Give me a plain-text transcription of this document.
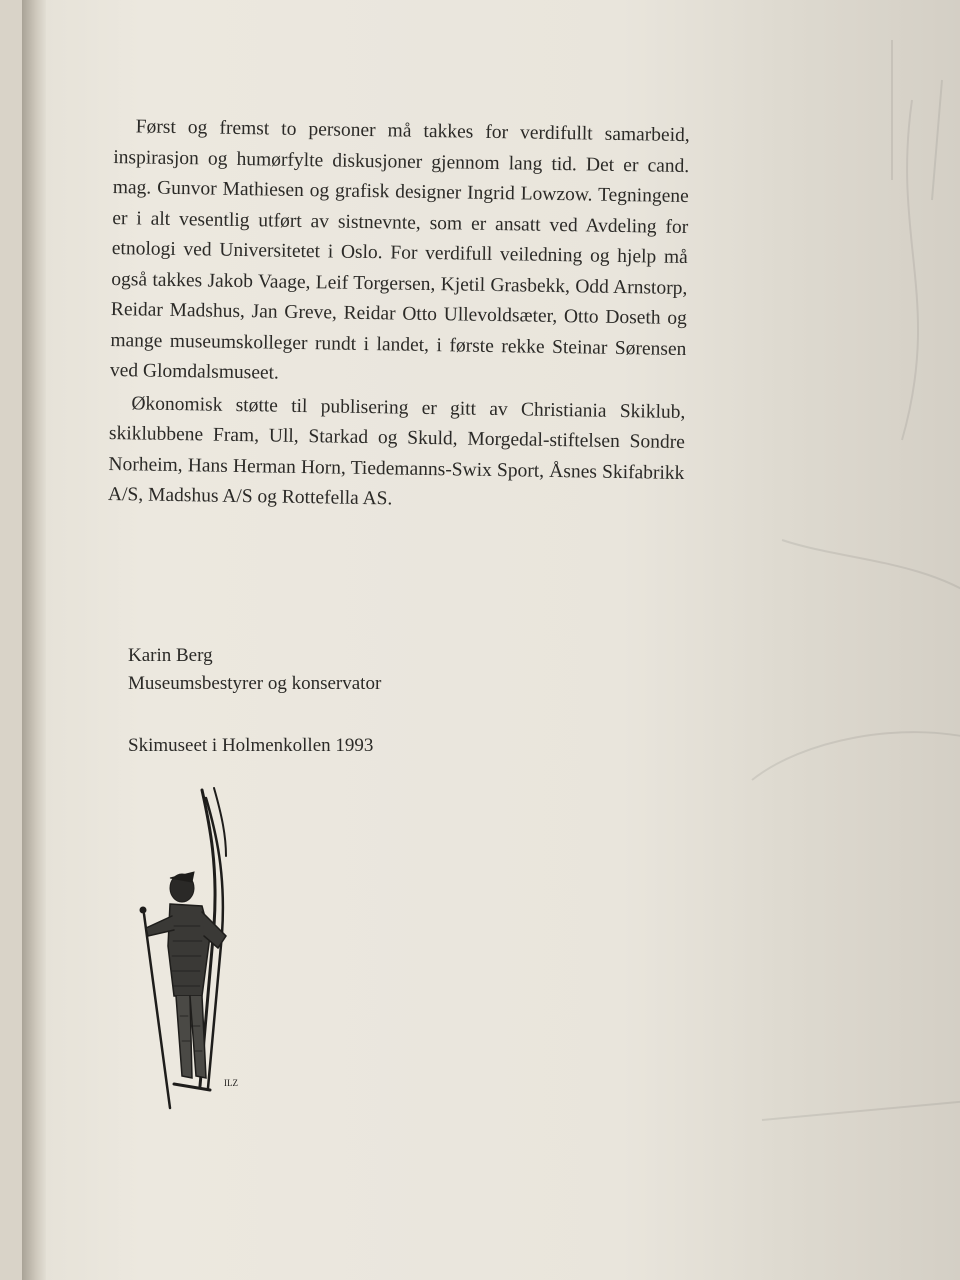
Først og fremst to personer må takkes for verdifullt samarbeid, inspirasjon og humørfylte diskusjoner gjennom lang tid. Det er cand. mag. Gunvor Mathiesen og grafisk designer Ingrid Lowzow. Tegningene er i alt vesentlig utført av sistnevnte, som er ansatt ved Avdeling for etnologi ved Universitetet i Oslo. For verdifull veiledning og hjelp må også takkes Jakob Vaage, Leif Torgersen, Kjetil Grasbekk, Odd Arnstorp, Reidar Madshus, Jan Greve, Reidar Otto Ullevoldsæter, Otto Doseth og mange museumskolleger rundt i landet, i første rekke Steinar Sørensen ved Glomdalsmuseet.

Økonomisk støtte til publisering er gitt av Christiania Skiklub, skiklubbene Fram, Ull, Starkad og Skuld, Morgedal-stiftelsen Sondre Norheim, Hans Herman Horn, Tiedemanns-Swix Sport, Åsnes Skifabrikk A/S, Madshus A/S og Rottefella AS.

Karin Berg
Museumsbestyrer og konservator
Skimuseet i Holmenkollen 1993
ILZ
